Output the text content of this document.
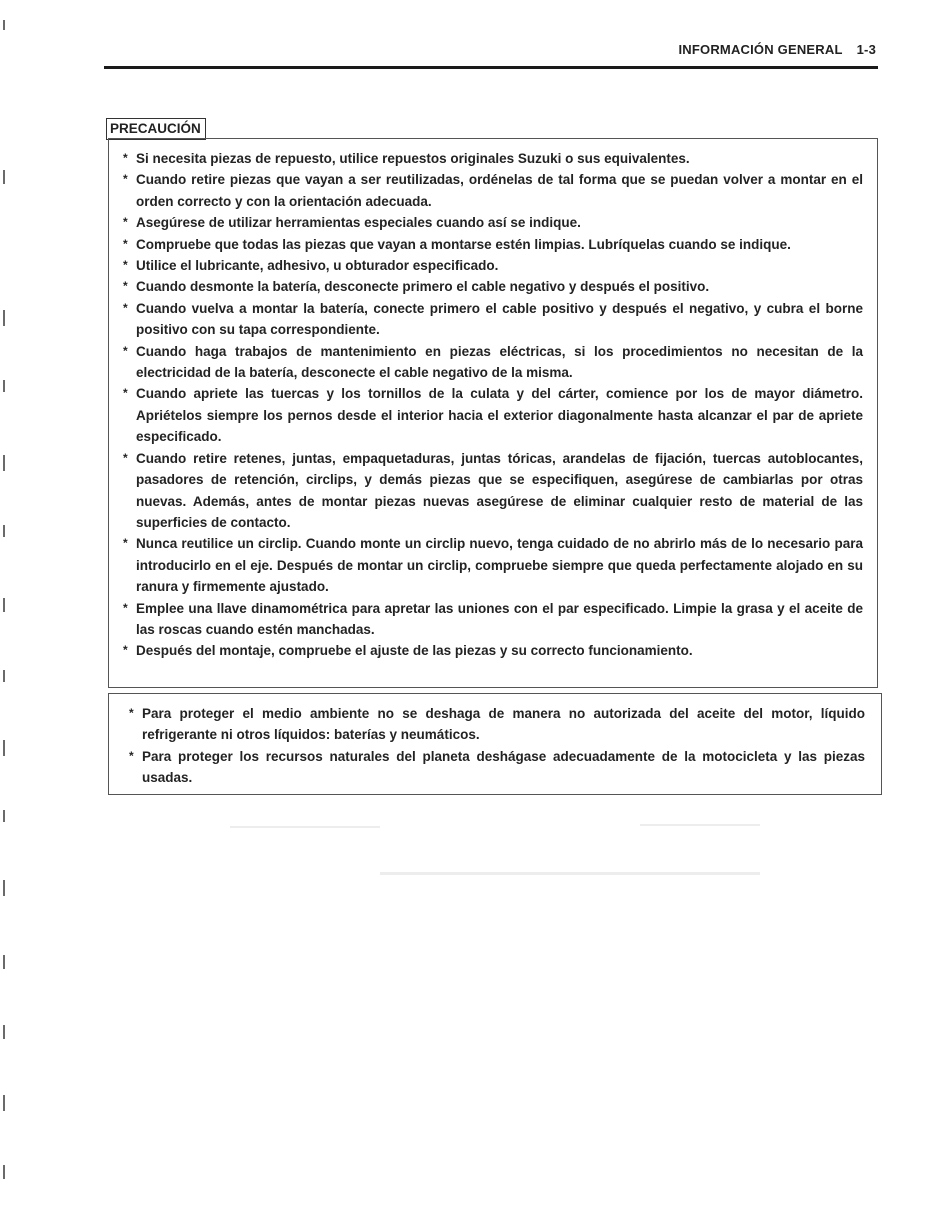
INFORMACIÓN GENERAL 1-3
PRECAUCIÓN
* Si necesita piezas de repuesto, utilice repuestos originales Suzuki o sus equivalentes.
* Cuando retire piezas que vayan a ser reutilizadas, ordénelas de tal forma que se puedan volver a montar en el orden correcto y con la orientación adecuada.
* Asegúrese de utilizar herramientas especiales cuando así se indique.
* Compruebe que todas las piezas que vayan a montarse estén limpias. Lubríquelas cuando se indique.
* Utilice el lubricante, adhesivo, u obturador especificado.
* Cuando desmonte la batería, desconecte primero el cable negativo y después el positivo.
* Cuando vuelva a montar la batería, conecte primero el cable positivo y después el negativo, y cubra el borne positivo con su tapa correspondiente.
* Cuando haga trabajos de mantenimiento en piezas eléctricas, si los procedimientos no necesitan de la electricidad de la batería, desconecte el cable negativo de la misma.
* Cuando apriete las tuercas y los tornillos de la culata y del cárter, comience por los de mayor diámetro. Apriételos siempre los pernos desde el interior hacia el exterior diagonalmente hasta alcanzar el par de apriete especificado.
* Cuando retire retenes, juntas, empaquetaduras, juntas tóricas, arandelas de fijación, tuercas autoblocantes, pasadores de retención, circlips, y demás piezas que se especifiquen, asegúrese de cambiarlas por otras nuevas. Además, antes de montar piezas nuevas asegúrese de eliminar cualquier resto de material de las superficies de contacto.
* Nunca reutilice un circlip. Cuando monte un circlip nuevo, tenga cuidado de no abrirlo más de lo necesario para introducirlo en el eje. Después de montar un circlip, compruebe siempre que queda perfectamente alojado en su ranura y firmemente ajustado.
* Emplee una llave dinamométrica para apretar las uniones con el par especificado. Limpie la grasa y el aceite de las roscas cuando estén manchadas.
* Después del montaje, compruebe el ajuste de las piezas y su correcto funcionamiento.
* Para proteger el medio ambiente no se deshaga de manera no autorizada del aceite del motor, líquido refrigerante ni otros líquidos: baterías y neumáticos.
* Para proteger los recursos naturales del planeta deshágase adecuadamente de la motocicleta y las piezas usadas.
